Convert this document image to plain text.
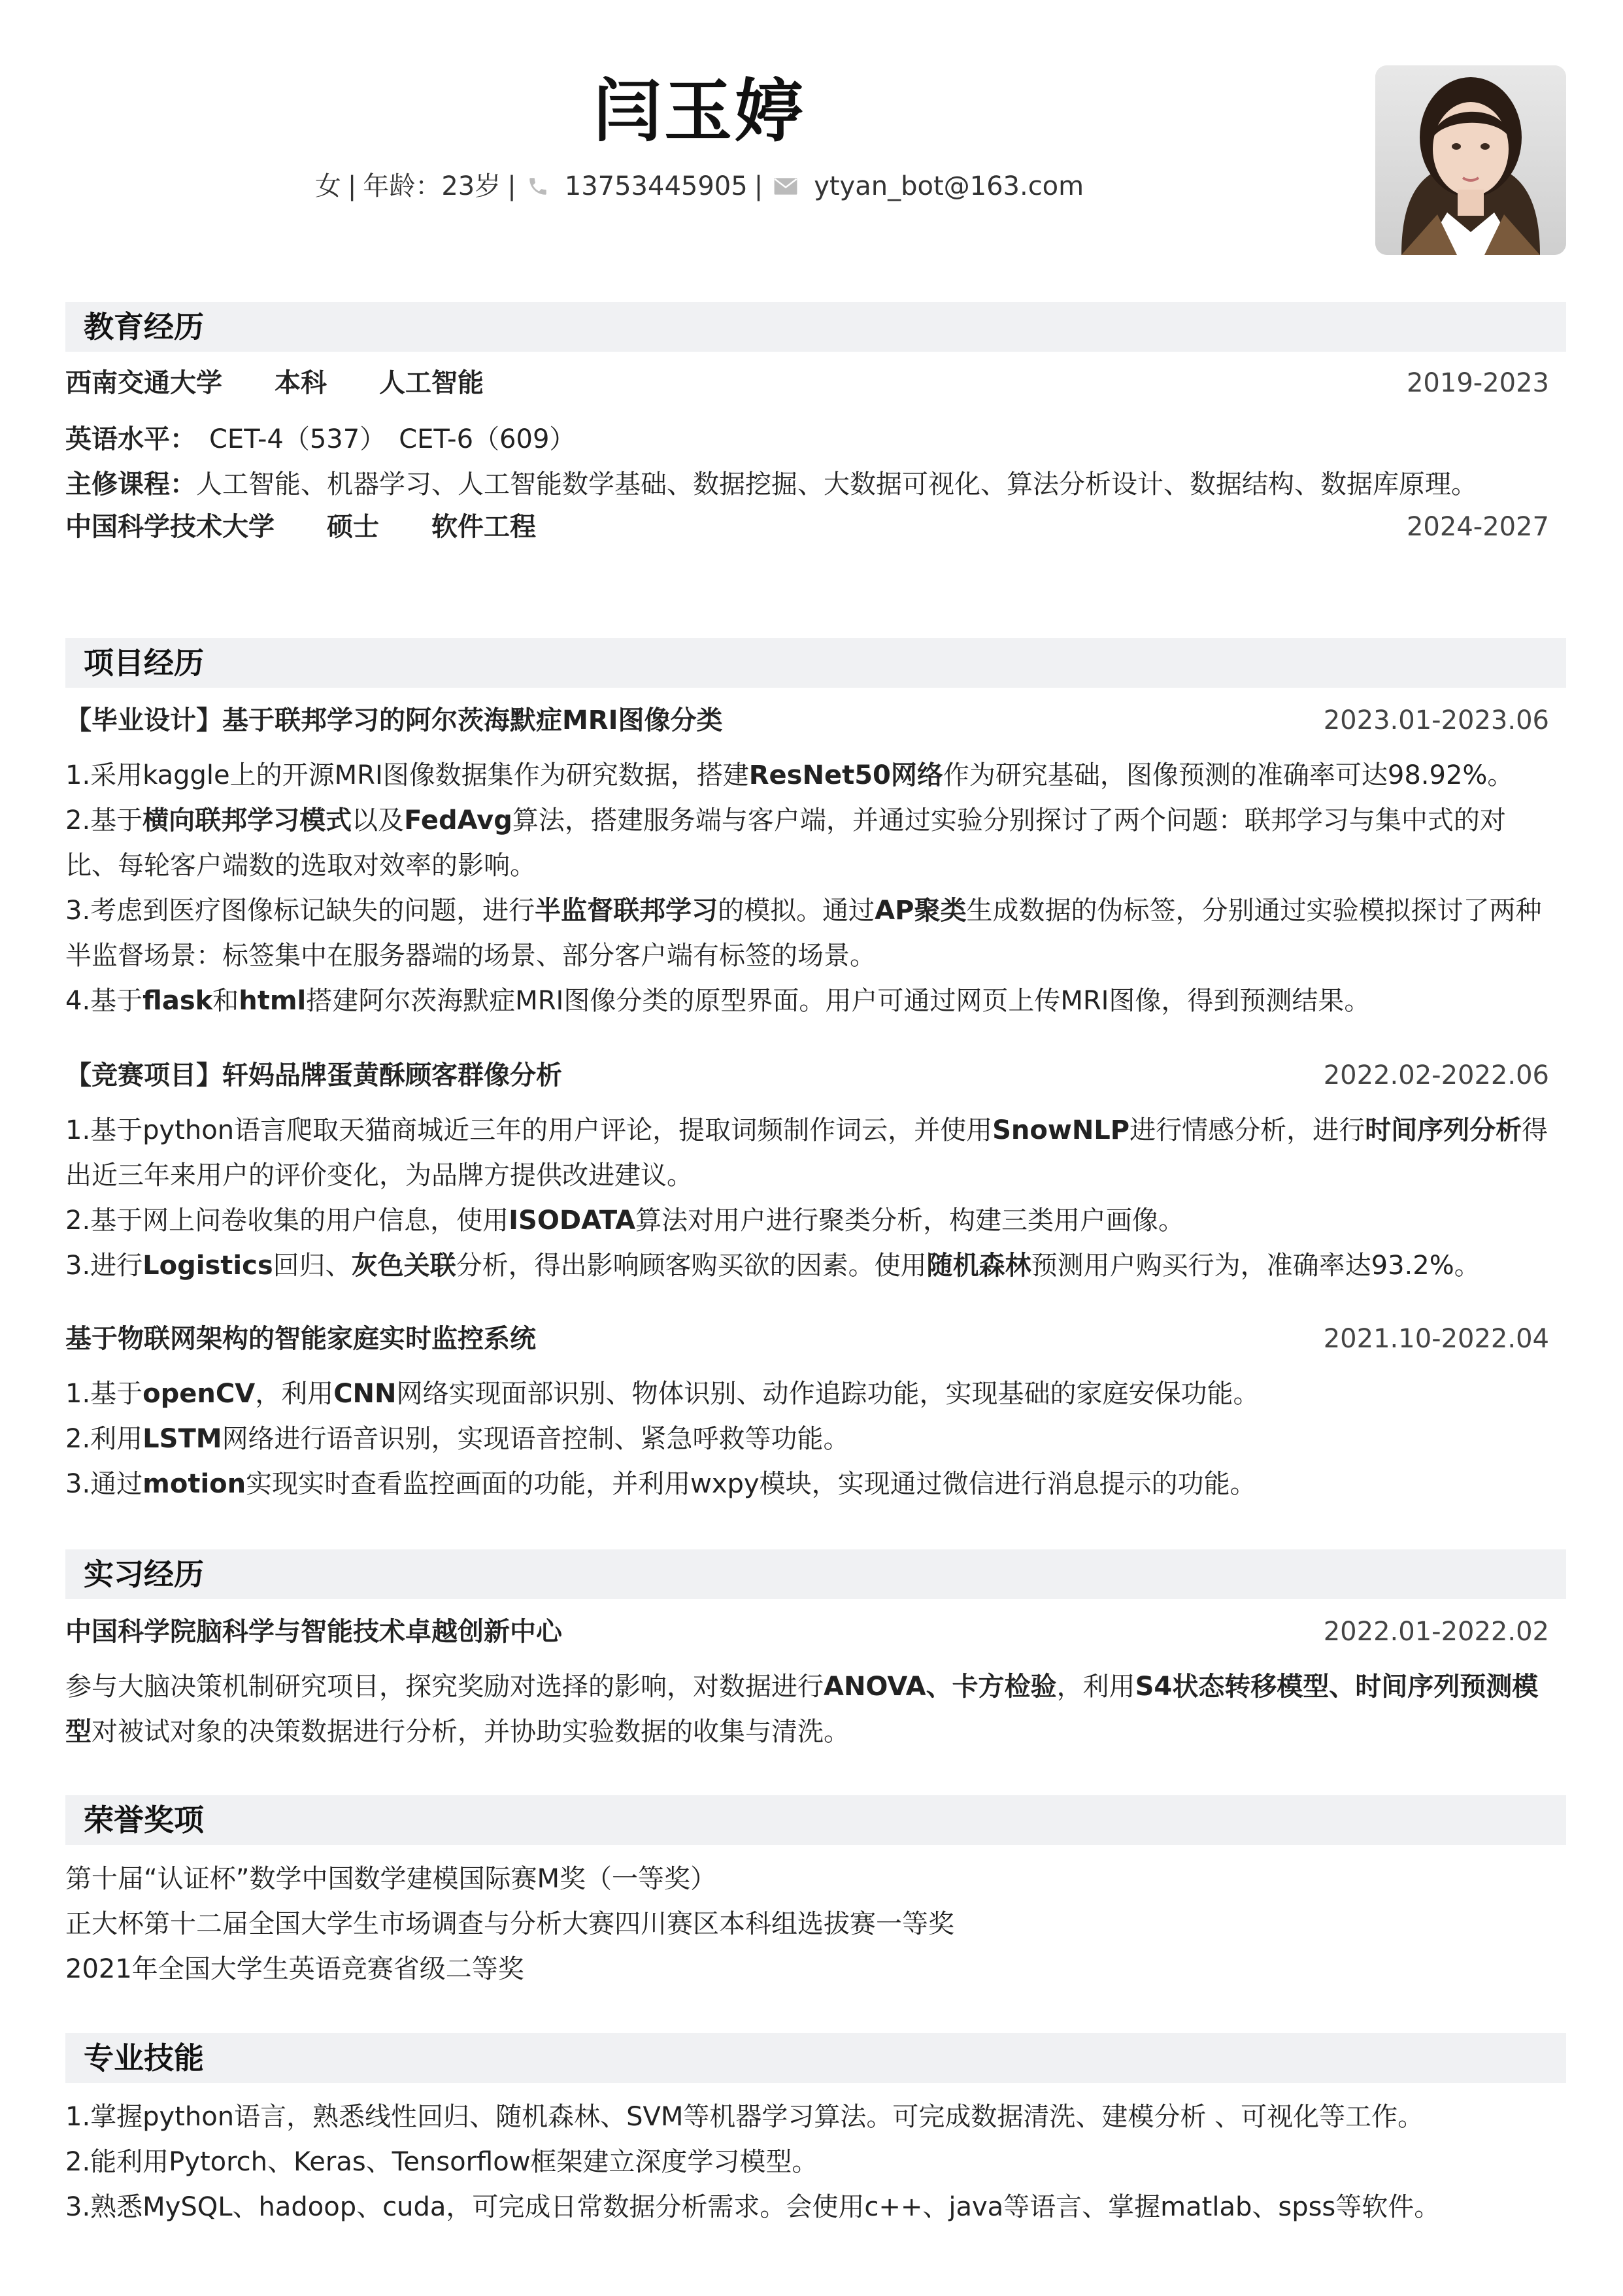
闫玉婷
女 | 年龄：23岁 | 13753445905 | ytyan_bot@163.com
教育经历
西南交通大学　　本科　　人工智能	2019-2023
英语水平：　CET-4（537）　CET-6（609）
主修课程：人工智能、机器学习、人工智能数学基础、数据挖掘、大数据可视化、算法分析设计、数据结构、数据库原理。
中国科学技术大学　　硕士　　软件工程	2024-2027
项目经历
【毕业设计】基于联邦学习的阿尔茨海默症MRI图像分类	2023.01-2023.06
1.采用kaggle上的开源MRI图像数据集作为研究数据，搭建ResNet50网络作为研究基础，图像预测的准确率可达98.92%。
2.基于横向联邦学习模式以及FedAvg算法，搭建服务端与客户端，并通过实验分别探讨了两个问题：联邦学习与集中式的对
比、每轮客户端数的选取对效率的影响。
3.考虑到医疗图像标记缺失的问题，进行半监督联邦学习的模拟。通过AP聚类生成数据的伪标签，分别通过实验模拟探讨了两种
半监督场景：标签集中在服务器端的场景、部分客户端有标签的场景。
4.基于flask和html搭建阿尔茨海默症MRI图像分类的原型界面。用户可通过网页上传MRI图像，得到预测结果。
【竞赛项目】轩妈品牌蛋黄酥顾客群像分析	2022.02-2022.06
1.基于python语言爬取天猫商城近三年的用户评论，提取词频制作词云，并使用SnowNLP进行情感分析，进行时间序列分析得
出近三年来用户的评价变化，为品牌方提供改进建议。
2.基于网上问卷收集的用户信息，使用ISODATA算法对用户进行聚类分析，构建三类用户画像。
3.进行Logistics回归、灰色关联分析，得出影响顾客购买欲的因素。使用随机森林预测用户购买行为，准确率达93.2%。
基于物联网架构的智能家庭实时监控系统	2021.10-2022.04
1.基于openCV，利用CNN网络实现面部识别、物体识别、动作追踪功能，实现基础的家庭安保功能。
2.利用LSTM网络进行语音识别，实现语音控制、紧急呼救等功能。
3.通过motion实现实时查看监控画面的功能，并利用wxpy模块，实现通过微信进行消息提示的功能。
实习经历
中国科学院脑科学与智能技术卓越创新中心	2022.01-2022.02
参与大脑决策机制研究项目，探究奖励对选择的影响，对数据进行ANOVA、卡方检验，利用S4状态转移模型、时间序列预测模
型对被试对象的决策数据进行分析，并协助实验数据的收集与清洗。
荣誉奖项
第十届“认证杯”数学中国数学建模国际赛M奖（一等奖）
正大杯第十二届全国大学生市场调查与分析大赛四川赛区本科组选拔赛一等奖
2021年全国大学生英语竞赛省级二等奖
专业技能
1.掌握python语言，熟悉线性回归、随机森林、SVM等机器学习算法。可完成数据清洗、建模分析 、可视化等工作。
2.能利用Pytorch、Keras、Tensorflow框架建立深度学习模型。
3.熟悉MySQL、hadoop、cuda，可完成日常数据分析需求。会使用c++、java等语言、掌握matlab、spss等软件。
